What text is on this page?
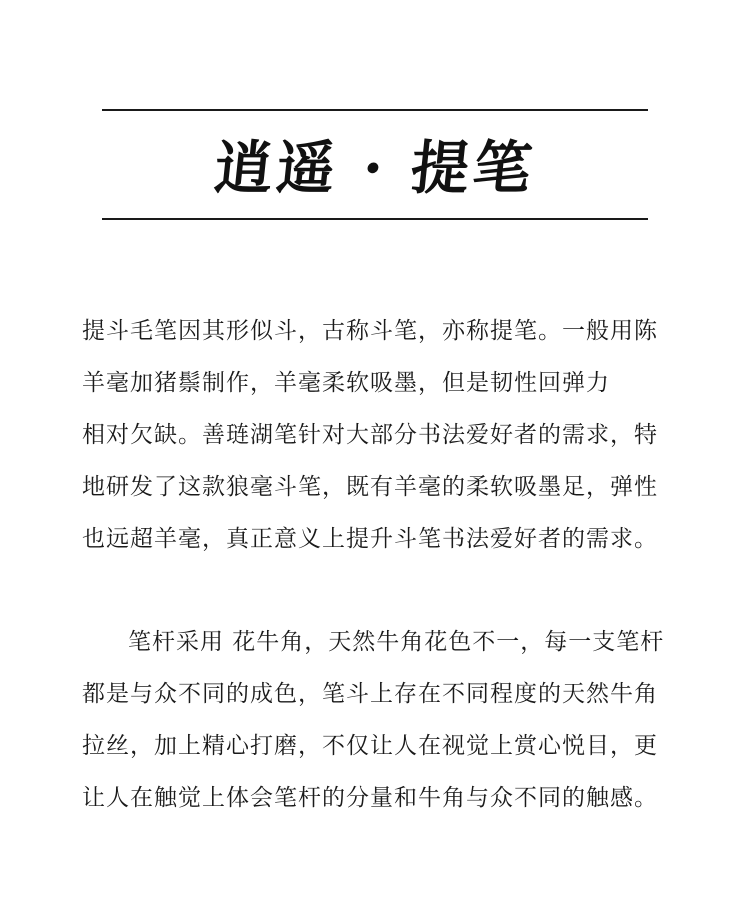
逍遥 · 提笔

提斗毛笔因其形似斗，古称斗笔，亦称提笔。一般用陈
羊毫加猪鬃制作，羊毫柔软吸墨，但是韧性回弹力
相对欠缺。善琏湖笔针对大部分书法爱好者的需求，特
地研发了这款狼毫斗笔，既有羊毫的柔软吸墨足，弹性
也远超羊毫，真正意义上提升斗笔书法爱好者的需求。

笔杆采用 花牛角，天然牛角花色不一，每一支笔杆
都是与众不同的成色，笔斗上存在不同程度的天然牛角
拉丝，加上精心打磨，不仅让人在视觉上赏心悦目，更
让人在触觉上体会笔杆的分量和牛角与众不同的触感。
